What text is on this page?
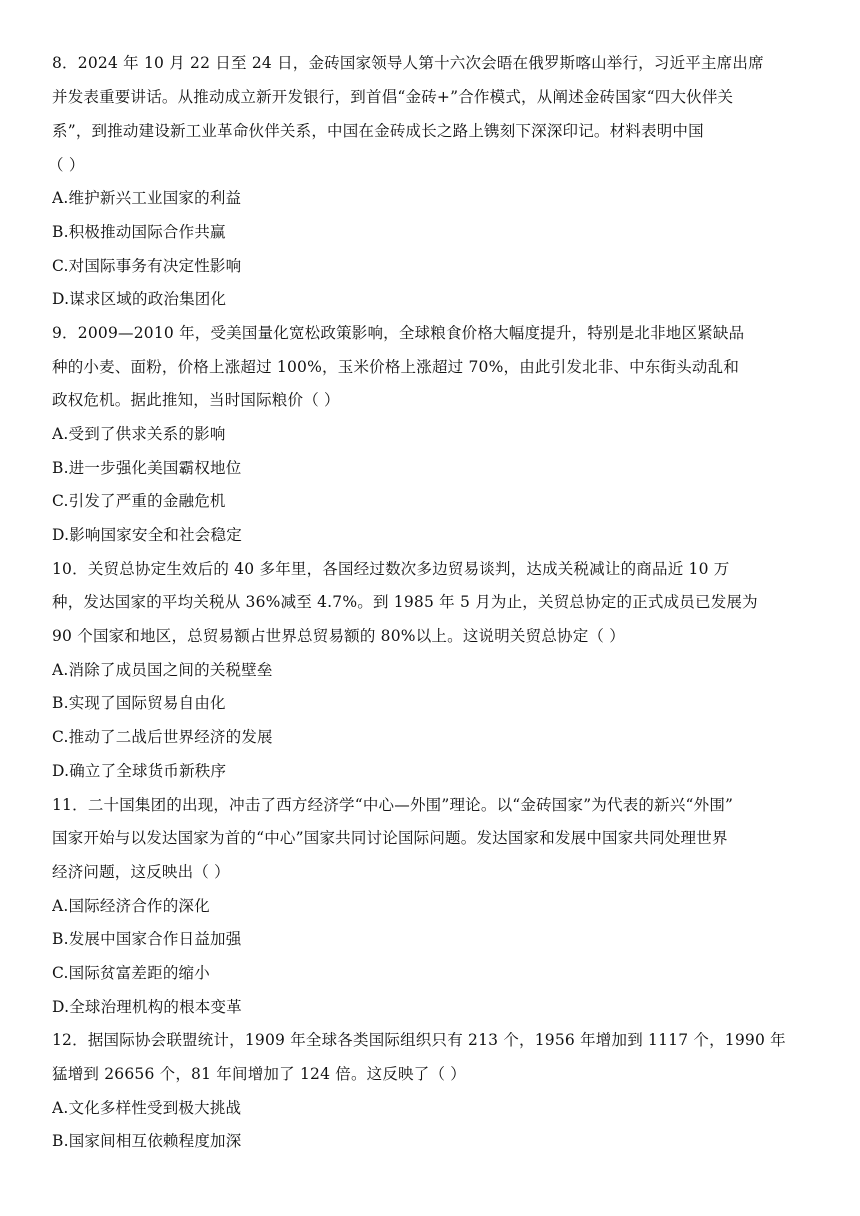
8．2024 年 10 月 22 日至 24 日，金砖国家领导人第十六次会晤在俄罗斯喀山举行，习近平主席出席
并发表重要讲话。从推动成立新开发银行，到首倡“金砖+”合作模式，从阐述金砖国家“四大伙伴关
系”，到推动建设新工业革命伙伴关系，中国在金砖成长之路上镌刻下深深印记。材料表明中国
（ ）
A.维护新兴工业国家的利益
B.积极推动国际合作共赢
C.对国际事务有决定性影响
D.谋求区域的政治集团化
9．2009—2010 年，受美国量化宽松政策影响，全球粮食价格大幅度提升，特别是北非地区紧缺品
种的小麦、面粉，价格上涨超过 100%，玉米价格上涨超过 70%，由此引发北非、中东街头动乱和
政权危机。据此推知，当时国际粮价（ ）
A.受到了供求关系的影响
B.进一步强化美国霸权地位
C.引发了严重的金融危机
D.影响国家安全和社会稳定
10．关贸总协定生效后的 40 多年里，各国经过数次多边贸易谈判，达成关税减让的商品近 10 万
种，发达国家的平均关税从 36%减至 4.7%。到 1985 年 5 月为止，关贸总协定的正式成员已发展为
90 个国家和地区，总贸易额占世界总贸易额的 80%以上。这说明关贸总协定（ ）
A.消除了成员国之间的关税壁垒
B.实现了国际贸易自由化
C.推动了二战后世界经济的发展
D.确立了全球货币新秩序
11．二十国集团的出现，冲击了西方经济学“中心—外围”理论。以“金砖国家”为代表的新兴“外围”
国家开始与以发达国家为首的“中心”国家共同讨论国际问题。发达国家和发展中国家共同处理世界
经济问题，这反映出（ ）
A.国际经济合作的深化
B.发展中国家合作日益加强
C.国际贫富差距的缩小
D.全球治理机构的根本变革
12．据国际协会联盟统计，1909 年全球各类国际组织只有 213 个，1956 年增加到 1117 个，1990 年
猛增到 26656 个，81 年间增加了 124 倍。这反映了（ ）
A.文化多样性受到极大挑战
B.国家间相互依赖程度加深
